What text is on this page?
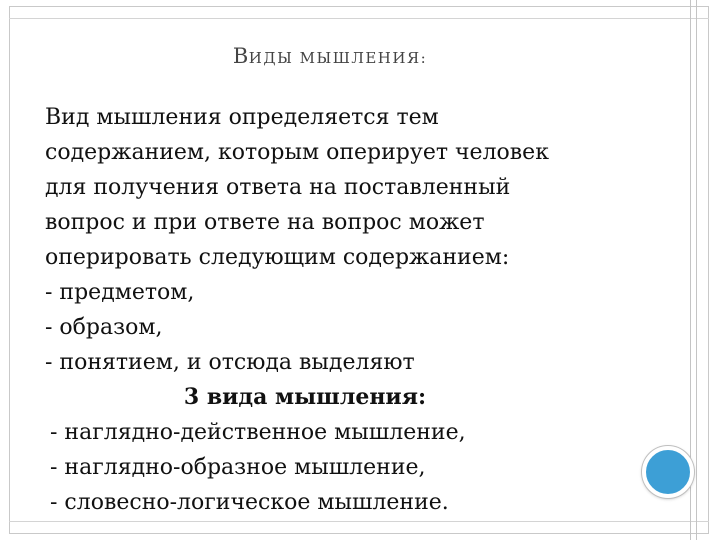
ВИДЫ МЫШЛЕНИЯ:
Вид мышления определяется тем
содержанием, которым оперирует человек
для получения ответа на поставленный
вопрос и при ответе на вопрос может
оперировать следующим содержанием:
- предметом,
- образом,
- понятием, и отсюда выделяют
3 вида мышления:
- наглядно-действенное мышление,
- наглядно-образное мышление,
- словесно-логическое мышление.
